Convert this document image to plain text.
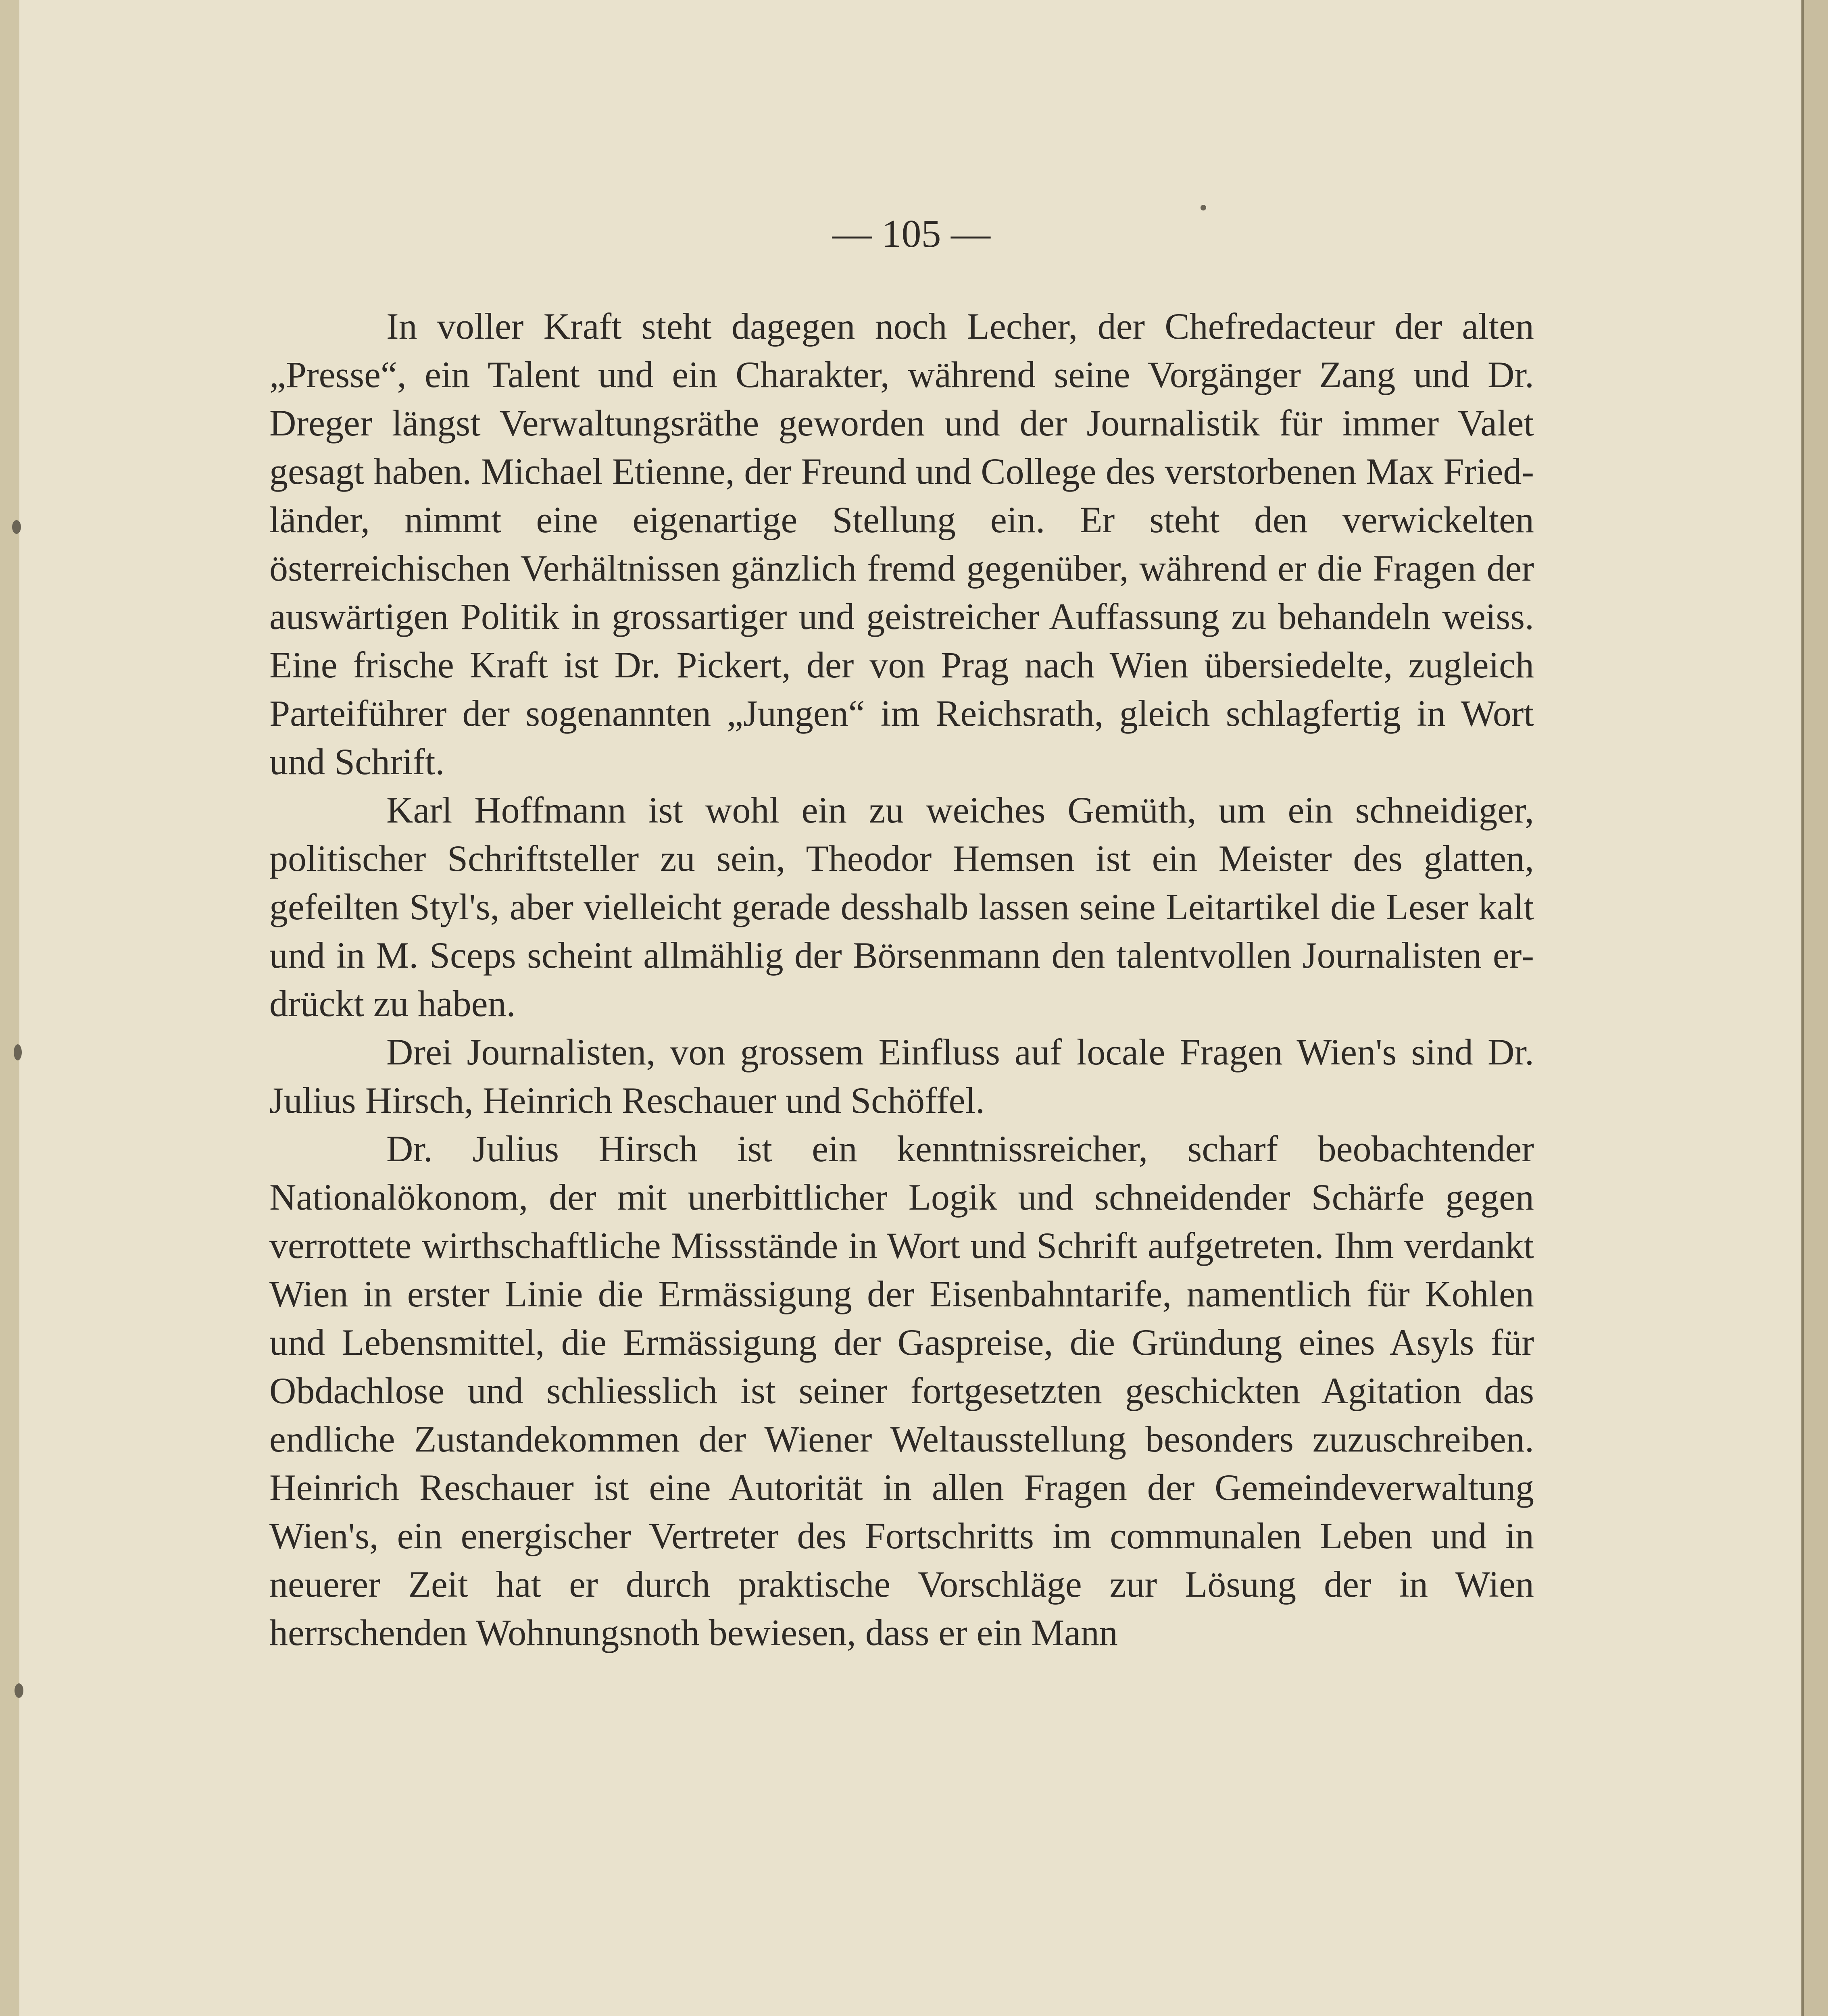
— 105 —

In voller Kraft steht dagegen noch Lecher, der Chefredacteur der alten „Presse“, ein Talent und ein Charakter, während seine Vorgänger Zang und Dr. Dreger längst Verwaltungsräthe geworden und der Journalistik für immer Valet gesagt haben. Michael Etienne, der Freund und College des verstorbenen Max Friedländer, nimmt eine eigenartige Stellung ein. Er steht den verwickelten österreichischen Verhältnissen gänzlich fremd gegenüber, während er die Fragen der auswärtigen Politik in grossartiger und geistreicher Auffassung zu behandeln weiss. Eine frische Kraft ist Dr. Pickert, der von Prag nach Wien übersiedelte, zugleich Parteiführer der sogenannten „Jungen“ im Reichsrath, gleich schlagfertig in Wort und Schrift.

Karl Hoffmann ist wohl ein zu weiches Gemüth, um ein schneidiger, politischer Schriftsteller zu sein, Theodor Hemsen ist ein Meister des glatten, gefeilten Styl's, aber vielleicht gerade desshalb lassen seine Leitartikel die Leser kalt und in M. Sceps scheint allmählig der Börsenmann den talentvollen Journalisten erdrückt zu haben.

Drei Journalisten, von grossem Einfluss auf locale Fragen Wien's sind Dr. Julius Hirsch, Heinrich Reschauer und Schöffel.

Dr. Julius Hirsch ist ein kenntnissreicher, scharf beobachtender Nationalökonom, der mit unerbittlicher Logik und schneidender Schärfe gegen verrottete wirthschaftliche Missstände in Wort und Schrift aufgetreten. Ihm verdankt Wien in erster Linie die Ermässigung der Eisenbahntarife, namentlich für Kohlen und Lebensmittel, die Ermässigung der Gaspreise, die Gründung eines Asyls für Obdachlose und schliesslich ist seiner fortgesetzten geschickten Agitation das endliche Zustandekommen der Wiener Weltausstellung besonders zuzuschreiben. Heinrich Reschauer ist eine Autorität in allen Fragen der Gemeindeverwaltung Wien's, ein energischer Vertreter des Fortschritts im communalen Leben und in neuerer Zeit hat er durch praktische Vorschläge zur Lösung der in Wien herrschenden Wohnungsnoth bewiesen, dass er ein Mann
